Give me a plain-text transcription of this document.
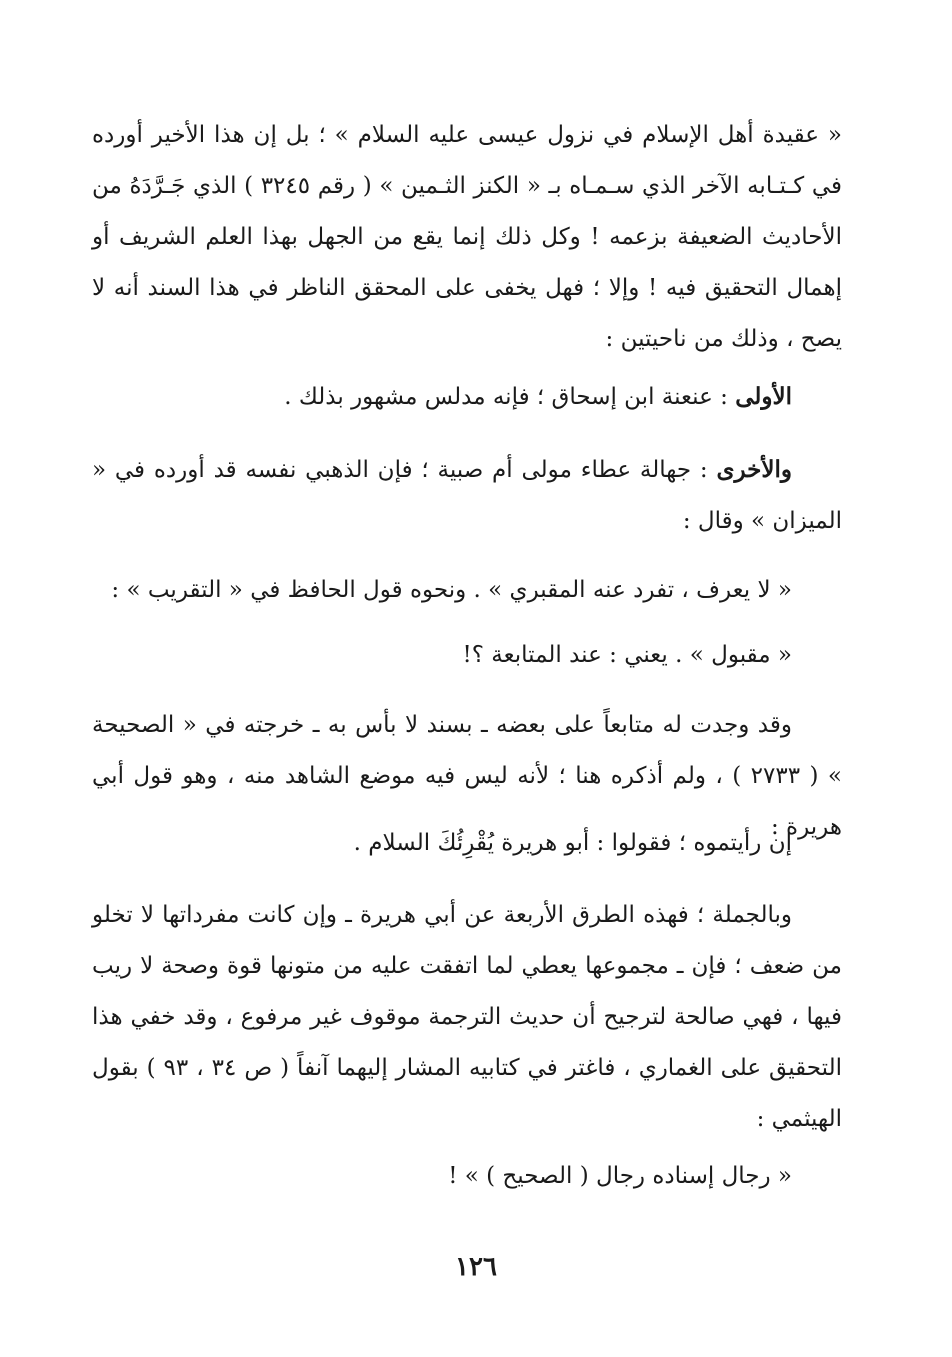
« عقيدة أهل الإسلام في نزول عيسى عليه السلام » ؛ بل إن هذا الأخير أورده في كـتـابه الآخر الذي سـمـاه بـ « الكنز الثـمين » ( رقم ٣٢٤٥ ) الذي جَـرَّدَهُ من الأحاديث الضعيفة بزعمه ! وكل ذلك إنما يقع من الجهل بهذا العلم الشريف أو إهمال التحقيق فيه ! وإلا ؛ فهل يخفى على المحقق الناظر في هذا السند أنه لا يصح ، وذلك من ناحيتين :

الأولى : عنعنة ابن إسحاق ؛ فإنه مدلس مشهور بذلك .

والأخرى : جهالة عطاء مولى أم صبية ؛ فإن الذهبي نفسه قد أورده في « الميزان » وقال :

« لا يعرف ، تفرد عنه المقبري » . ونحوه قول الحافظ في « التقريب » :

« مقبول » . يعني : عند المتابعة ؟!

وقد وجدت له متابعاً على بعضه ـ بسند لا بأس به ـ خرجته في « الصحيحة » ( ٢٧٣٣ ) ، ولم أذكره هنا ؛ لأنه ليس فيه موضع الشاهد منه ، وهو قول أبي هريرة :

إن رأيتموه ؛ فقولوا : أبو هريرة يُقْرِئُكَ السلام .

وبالجملة ؛ فهذه الطرق الأربعة عن أبي هريرة ـ وإن كانت مفرداتها لا تخلو من ضعف ؛ فإن ـ مجموعها يعطي لما اتفقت عليه من متونها قوة وصحة لا ريب فيها ، فهي صالحة لترجيح أن حديث الترجمة موقوف غير مرفوع ، وقد خفي هذا التحقيق على الغماري ، فاغتر في كتابيه المشار إليهما آنفاً ( ص ٣٤ ، ٩٣ ) بقول الهيثمي :

« رجال إسناده رجال ( الصحيح ) » !

١٢٦
